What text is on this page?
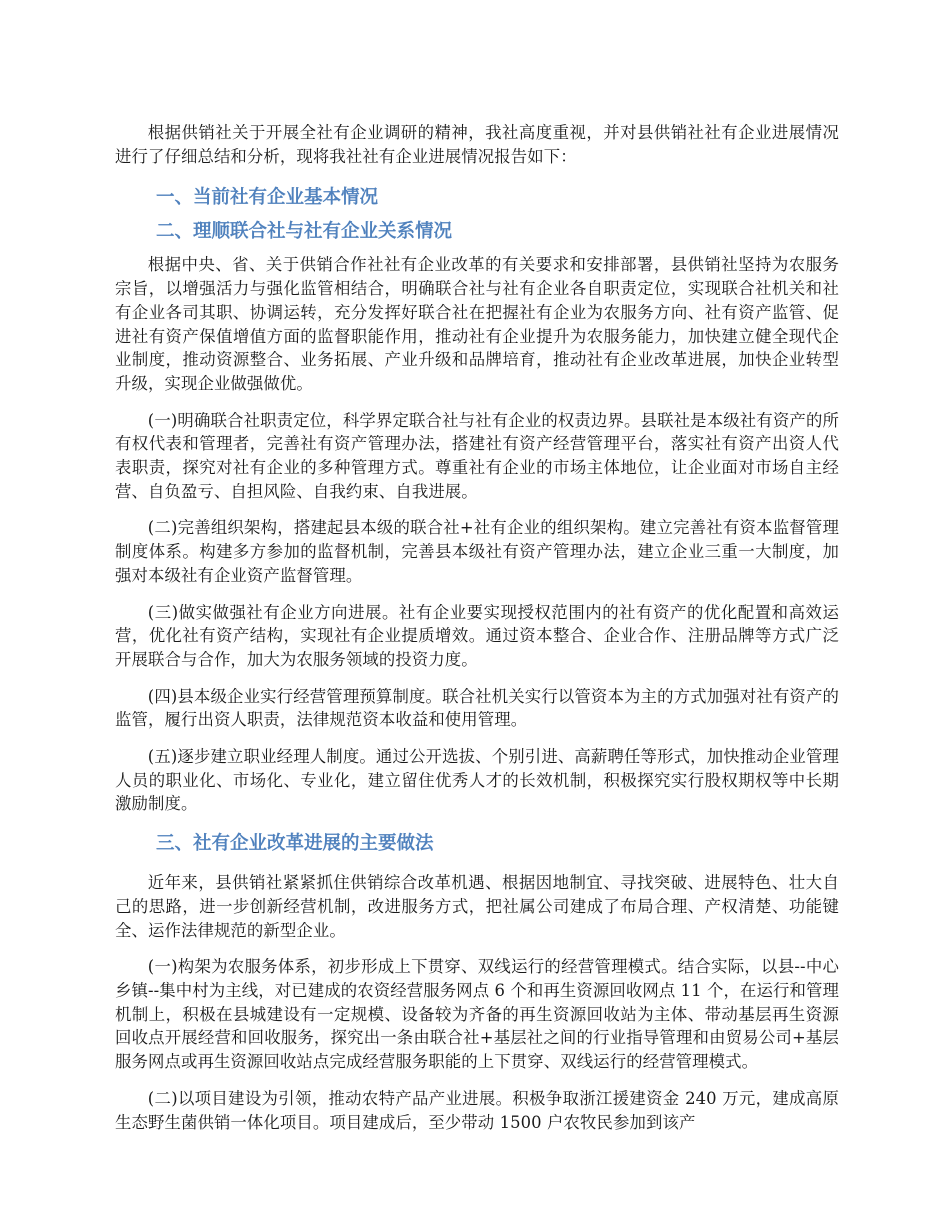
根据供销社关于开展全社有企业调研的精神，我社高度重视，并对县供销社社有企业进展情况进行了仔细总结和分析，现将我社社有企业进展情况报告如下：

一、当前社有企业基本情况
二、理顺联合社与社有企业关系情况

根据中央、省、关于供销合作社社有企业改革的有关要求和安排部署，县供销社坚持为农服务宗旨，以增强活力与强化监管相结合，明确联合社与社有企业各自职责定位，实现联合社机关和社有企业各司其职、协调运转，充分发挥好联合社在把握社有企业为农服务方向、社有资产监管、促进社有资产保值增值方面的监督职能作用，推动社有企业提升为农服务能力，加快建立健全现代企业制度，推动资源整合、业务拓展、产业升级和品牌培育，推动社有企业改革进展，加快企业转型升级，实现企业做强做优。

(一)明确联合社职责定位，科学界定联合社与社有企业的权责边界。县联社是本级社有资产的所有权代表和管理者，完善社有资产管理办法，搭建社有资产经营管理平台，落实社有资产出资人代表职责，探究对社有企业的多种管理方式。尊重社有企业的市场主体地位，让企业面对市场自主经营、自负盈亏、自担风险、自我约束、自我进展。

(二)完善组织架构，搭建起县本级的联合社+社有企业的组织架构。建立完善社有资本监督管理制度体系。构建多方参加的监督机制，完善县本级社有资产管理办法，建立企业三重一大制度，加强对本级社有企业资产监督管理。

(三)做实做强社有企业方向进展。社有企业要实现授权范围内的社有资产的优化配置和高效运营，优化社有资产结构，实现社有企业提质增效。通过资本整合、企业合作、注册品牌等方式广泛开展联合与合作，加大为农服务领域的投资力度。

(四)县本级企业实行经营管理预算制度。联合社机关实行以管资本为主的方式加强对社有资产的监管，履行出资人职责，法律规范资本收益和使用管理。

(五)逐步建立职业经理人制度。通过公开选拔、个别引进、高薪聘任等形式，加快推动企业管理人员的职业化、市场化、专业化，建立留住优秀人才的长效机制，积极探究实行股权期权等中长期激励制度。

三、社有企业改革进展的主要做法

近年来，县供销社紧紧抓住供销综合改革机遇、根据因地制宜、寻找突破、进展特色、壮大自己的思路，进一步创新经营机制，改进服务方式，把社属公司建成了布局合理、产权清楚、功能键全、运作法律规范的新型企业。

(一)构架为农服务体系，初步形成上下贯穿、双线运行的经营管理模式。结合实际，以县--中心乡镇--集中村为主线，对已建成的农资经营服务网点 6 个和再生资源回收网点 11 个，在运行和管理机制上，积极在县城建设有一定规模、设备较为齐备的再生资源回收站为主体、带动基层再生资源回收点开展经营和回收服务，探究出一条由联合社+基层社之间的行业指导管理和由贸易公司+基层服务网点或再生资源回收站点完成经营服务职能的上下贯穿、双线运行的经营管理模式。

(二)以项目建设为引领，推动农特产品产业进展。积极争取浙江援建资金 240 万元，建成高原生态野生菌供销一体化项目。项目建成后，至少带动 1500 户农牧民参加到该产
